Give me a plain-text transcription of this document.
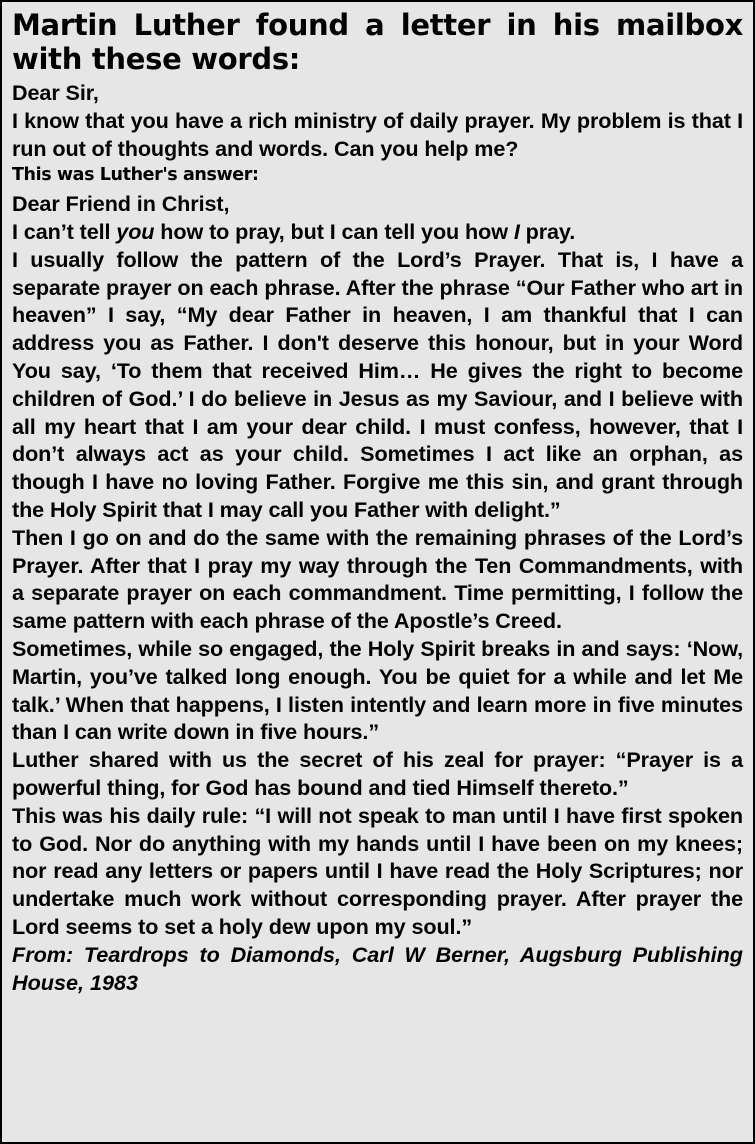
Martin Luther found a letter in his mailbox with these words:

Dear Sir,

I know that you have a rich ministry of daily prayer. My problem is that I run out of thoughts and words. Can you help me?

This was Luther's answer:

Dear Friend in Christ,

I can’t tell you how to pray, but I can tell you how I pray.

I usually follow the pattern of the Lord’s Prayer. That is, I have a separate prayer on each phrase. After the phrase “Our Father who art in heaven” I say, “My dear Father in heaven, I am thankful that I can address you as Father. I don't deserve this honour, but in your Word You say, ‘To them that received Him… He gives the right to become children of God.’ I do believe in Jesus as my Saviour, and I believe with all my heart that I am your dear child. I must confess, however, that I don’t always act as your child. Sometimes I act like an orphan, as though I have no loving Father. Forgive me this sin, and grant through the Holy Spirit that I may call you Father with delight.”

Then I go on and do the same with the remaining phrases of the Lord’s Prayer. After that I pray my way through the Ten Commandments, with a separate prayer on each commandment. Time permitting, I follow the same pattern with each phrase of the Apostle’s Creed.

Sometimes, while so engaged, the Holy Spirit breaks in and says: ‘Now, Martin, you’ve talked long enough. You be quiet for a while and let Me talk.’ When that happens, I listen intently and learn more in five minutes than I can write down in five hours.”

Luther shared with us the secret of his zeal for prayer: “Prayer is a powerful thing, for God has bound and tied Himself thereto.”

This was his daily rule: “I will not speak to man until I have first spoken to God. Nor do anything with my hands until I have been on my knees; nor read any letters or papers until I have read the Holy Scriptures; nor undertake much work without corresponding prayer. After prayer the Lord seems to set a holy dew upon my soul.”

From: Teardrops to Diamonds, Carl W Berner, Augsburg Publishing House, 1983
